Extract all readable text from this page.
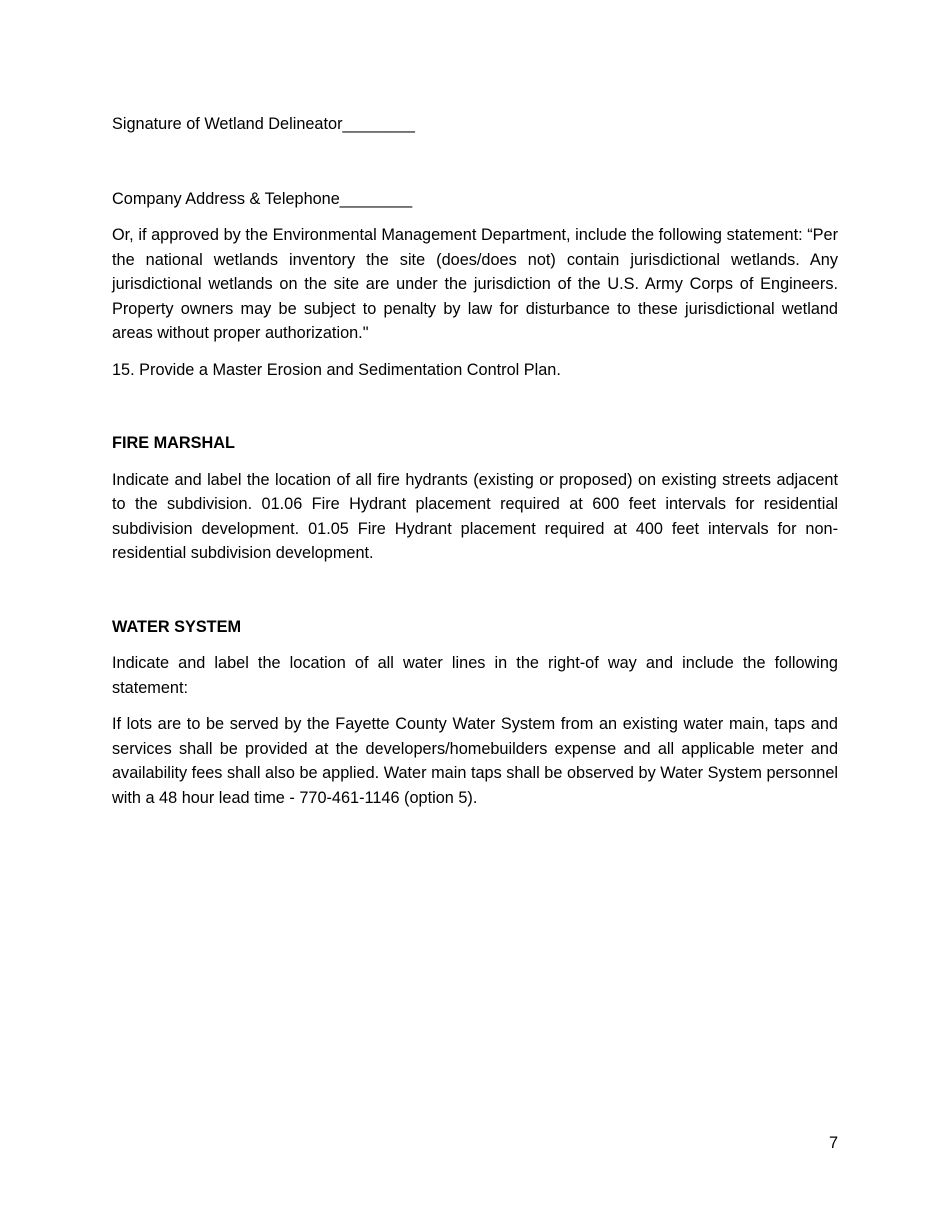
Signature of Wetland Delineator________

Company Address & Telephone________

Or, if approved by the Environmental Management Department, include the following statement: “Per the national wetlands inventory the site (does/does not) contain jurisdictional wetlands. Any jurisdictional wetlands on the site are under the jurisdiction of the U.S. Army Corps of Engineers. Property owners may be subject to penalty by law for disturbance to these jurisdictional wetland areas without proper authorization."

15. Provide a Master Erosion and Sedimentation Control Plan.

FIRE MARSHAL

Indicate and label the location of all fire hydrants (existing or proposed) on existing streets adjacent to the subdivision. 01.06 Fire Hydrant placement required at 600 feet intervals for residential subdivision development. 01.05 Fire Hydrant placement required at 400 feet intervals for non-residential subdivision development.

WATER SYSTEM

Indicate and label the location of all water lines in the right-of way and include the following statement:

If lots are to be served by the Fayette County Water System from an existing water main, taps and services shall be provided at the developers/homebuilders expense and all applicable meter and availability fees shall also be applied. Water main taps shall be observed by Water System personnel with a 48 hour lead time - 770-461-1146 (option 5).

7
